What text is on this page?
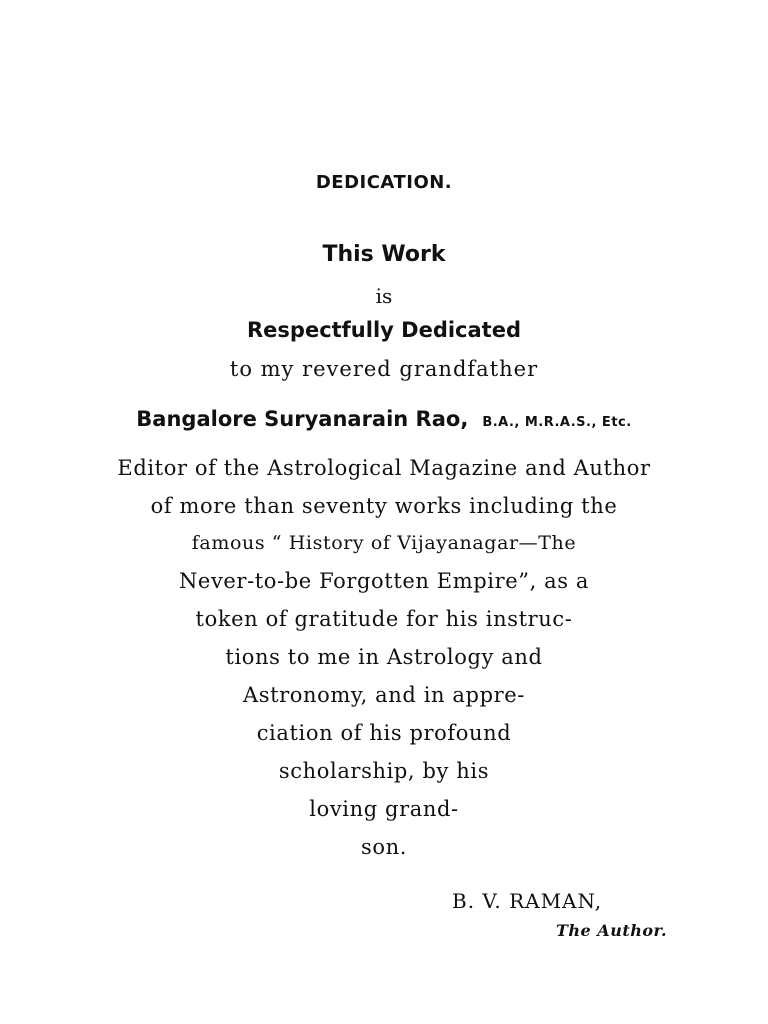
DEDICATION.
This Work
is
Respectfully Dedicated
to my revered grandfather
Bangalore Suryanarain Rao, B.A., M.R.A.S., Etc.
Editor of the Astrological Magazine and Author
of more than seventy works including the
famous “ History of Vijayanagar—The
Never-to-be Forgotten Empire”, as a
token of gratitude for his instruc-
tions to me in Astrology and
Astronomy, and in appre-
ciation of his profound
scholarship, by his
loving grand-
son.
B. V. RAMAN,
The Author.
